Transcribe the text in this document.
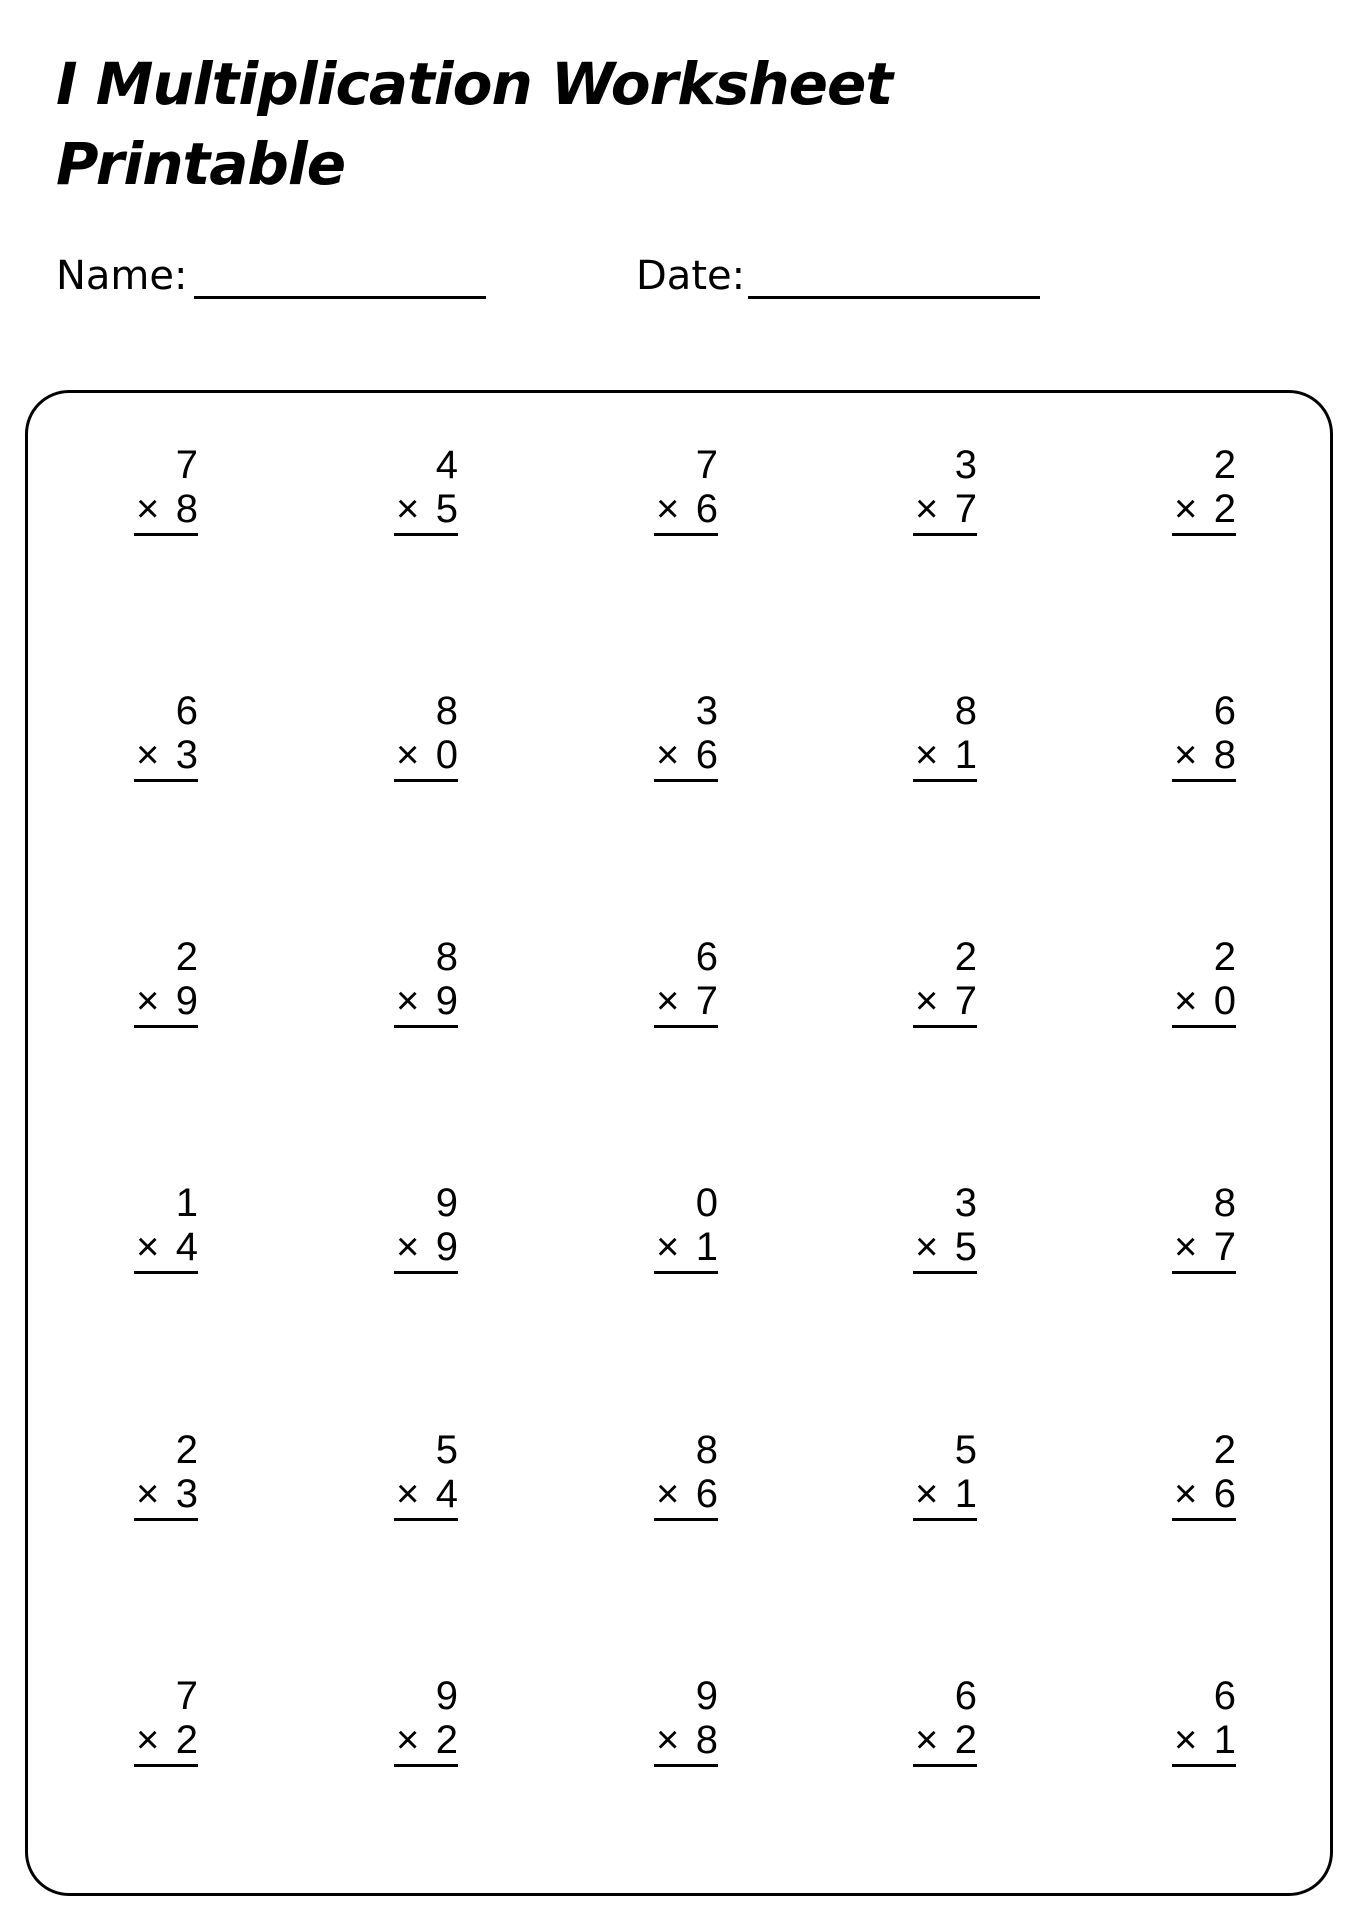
I Multiplication Worksheet
Printable
Name:	Date:
7
× 8
4
× 5
7
× 6
3
× 7
2
× 2
6
× 3
8
× 0
3
× 6
8
× 1
6
× 8
2
× 9
8
× 9
6
× 7
2
× 7
2
× 0
1
× 4
9
× 9
0
× 1
3
× 5
8
× 7
2
× 3
5
× 4
8
× 6
5
× 1
2
× 6
7
× 2
9
× 2
9
× 8
6
× 2
6
× 1
